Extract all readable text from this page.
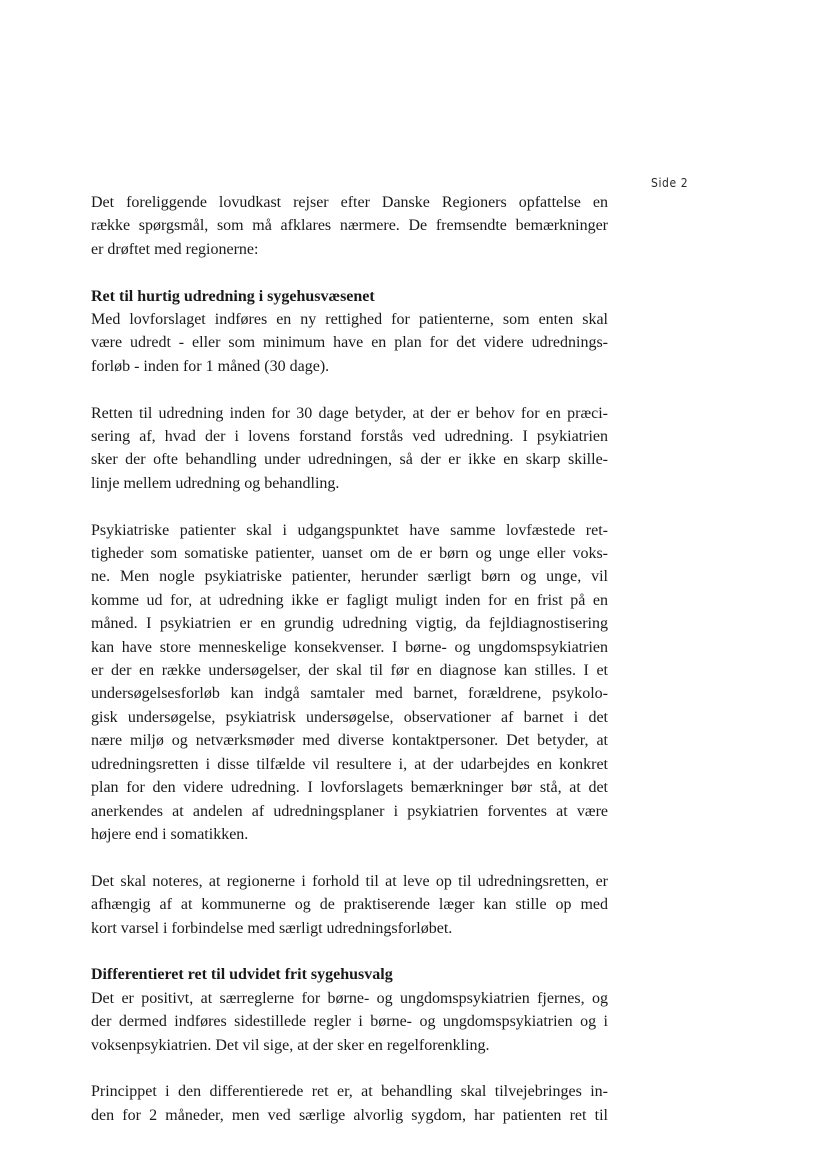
Side 2
Det foreliggende lovudkast rejser efter Danske Regioners opfattelse en
række spørgsmål, som må afklares nærmere. De fremsendte bemærkninger
er drøftet med regionerne:
Ret til hurtig udredning i sygehusvæsenet
Med lovforslaget indføres en ny rettighed for patienterne, som enten skal
være udredt - eller som minimum have en plan for det videre udrednings-
forløb - inden for 1 måned (30 dage).
Retten til udredning inden for 30 dage betyder, at der er behov for en præci-
sering af, hvad der i lovens forstand forstås ved udredning. I psykiatrien
sker der ofte behandling under udredningen, så der er ikke en skarp skille-
linje mellem udredning og behandling.
Psykiatriske patienter skal i udgangspunktet have samme lovfæstede ret-
tigheder som somatiske patienter, uanset om de er børn og unge eller voks-
ne. Men nogle psykiatriske patienter, herunder særligt børn og unge, vil
komme ud for, at udredning ikke er fagligt muligt inden for en frist på en
måned. I psykiatrien er en grundig udredning vigtig, da fejldiagnostisering
kan have store menneskelige konsekvenser. I børne- og ungdomspsykiatrien
er der en række undersøgelser, der skal til før en diagnose kan stilles. I et
undersøgelsesforløb kan indgå samtaler med barnet, forældrene, psykolo-
gisk undersøgelse, psykiatrisk undersøgelse, observationer af barnet i det
nære miljø og netværksmøder med diverse kontaktpersoner. Det betyder, at
udredningsretten i disse tilfælde vil resultere i, at der udarbejdes en konkret
plan for den videre udredning. I lovforslagets bemærkninger bør stå, at det
anerkendes at andelen af udredningsplaner i psykiatrien forventes at være
højere end i somatikken.
Det skal noteres, at regionerne i forhold til at leve op til udredningsretten, er
afhængig af at kommunerne og de praktiserende læger kan stille op med
kort varsel i forbindelse med særligt udredningsforløbet.
Differentieret ret til udvidet frit sygehusvalg
Det er positivt, at særreglerne for børne- og ungdomspsykiatrien fjernes, og
der dermed indføres sidestillede regler i børne- og ungdomspsykiatrien og i
voksenpsykiatrien. Det vil sige, at der sker en regelforenkling.
Princippet i den differentierede ret er, at behandling skal tilvejebringes in-
den for 2 måneder, men ved særlige alvorlig sygdom, har patienten ret til
